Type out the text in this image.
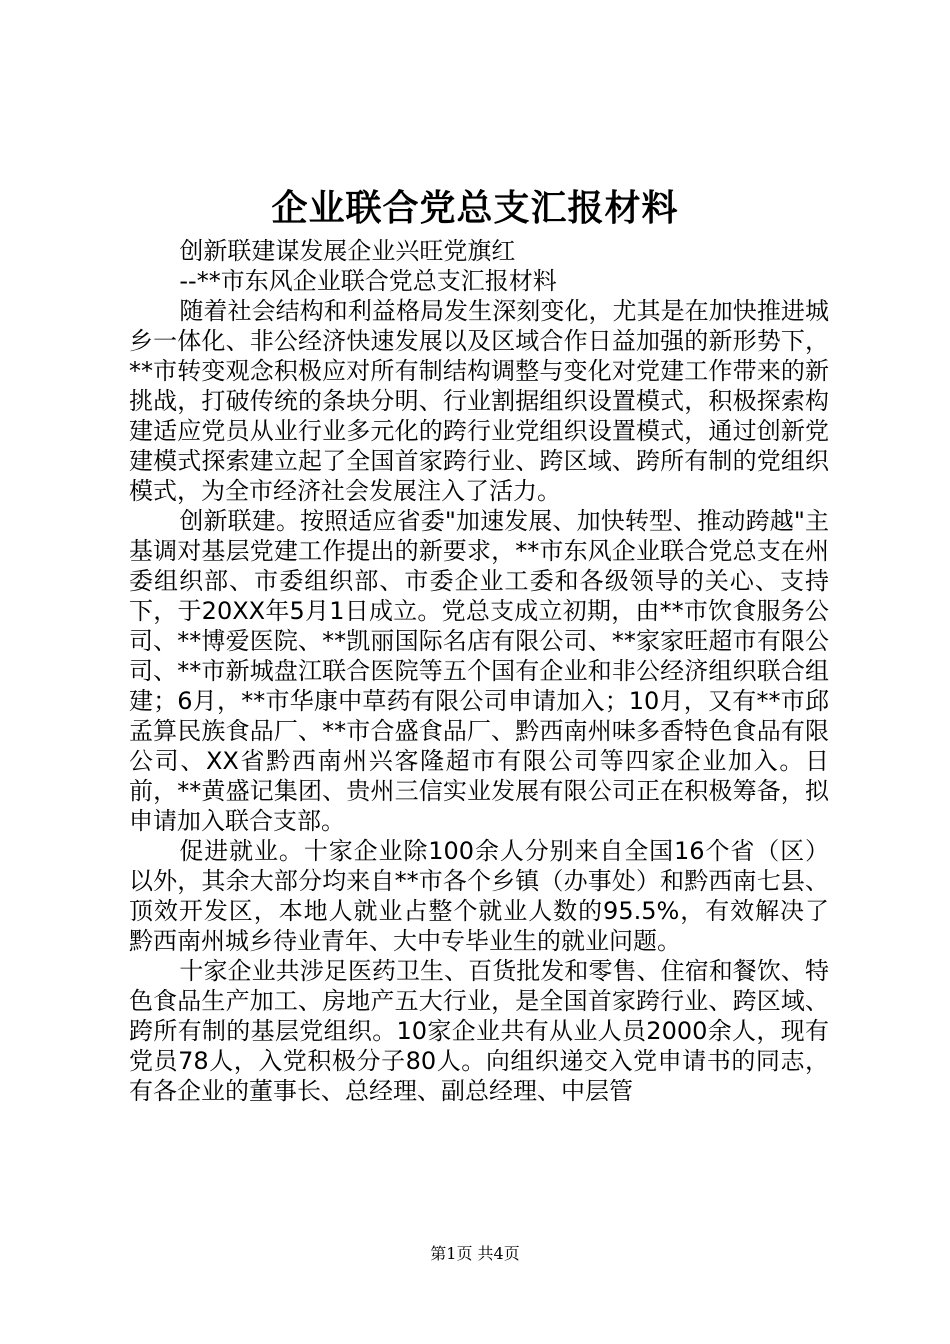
企业联合党总支汇报材料

创新联建谋发展企业兴旺党旗红

--**市东风企业联合党总支汇报材料

随着社会结构和利益格局发生深刻变化，尤其是在加快推进城乡一体化、非公经济快速发展以及区域合作日益加强的新形势下，**市转变观念积极应对所有制结构调整与变化对党建工作带来的新挑战，打破传统的条块分明、行业割据组织设置模式，积极探索构建适应党员从业行业多元化的跨行业党组织设置模式，通过创新党建模式探索建立起了全国首家跨行业、跨区域、跨所有制的党组织模式，为全市经济社会发展注入了活力。

创新联建。按照适应省委"加速发展、加快转型、推动跨越"主基调对基层党建工作提出的新要求，**市东风企业联合党总支在州委组织部、市委组织部、市委企业工委和各级领导的关心、支持下，于20XX年5月1日成立。党总支成立初期，由**市饮食服务公司、**博爱医院、**凯丽国际名店有限公司、**家家旺超市有限公司、**市新城盘江联合医院等五个国有企业和非公经济组织联合组建；6月，**市华康中草药有限公司申请加入；10月，又有**市邱孟算民族食品厂、**市合盛食品厂、黔西南州味多香特色食品有限公司、XX省黔西南州兴客隆超市有限公司等四家企业加入。日前，**黄盛记集团、贵州三信实业发展有限公司正在积极筹备，拟申请加入联合支部。

促进就业。十家企业除100余人分别来自全国16个省（区）以外，其余大部分均来自**市各个乡镇（办事处）和黔西南七县、顶效开发区，本地人就业占整个就业人数的95.5%，有效解决了黔西南州城乡待业青年、大中专毕业生的就业问题。

十家企业共涉足医药卫生、百货批发和零售、住宿和餐饮、特色食品生产加工、房地产五大行业，是全国首家跨行业、跨区域、跨所有制的基层党组织。10家企业共有从业人员2000余人，现有党员78人，入党积极分子80人。向组织递交入党申请书的同志，有各企业的董事长、总经理、副总经理、中层管

第1页 共4页
